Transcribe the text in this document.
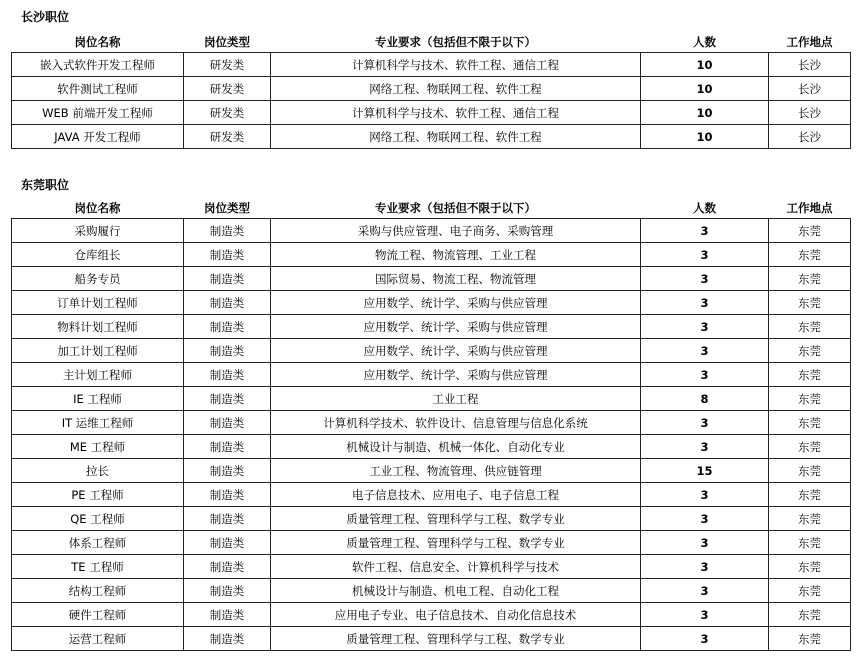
长沙职位
岗位名称	岗位类型	专业要求（包括但不限于以下）	人数	工作地点
嵌入式软件开发工程师	研发类	计算机科学与技术、软件工程、通信工程	10	长沙
软件测试工程师	研发类	网络工程、物联网工程、软件工程	10	长沙
WEB 前端开发工程师	研发类	计算机科学与技术、软件工程、通信工程	10	长沙
JAVA 开发工程师	研发类	网络工程、物联网工程、软件工程	10	长沙
东莞职位
岗位名称	岗位类型	专业要求（包括但不限于以下）	人数	工作地点
采购履行	制造类	采购与供应管理、电子商务、采购管理	3	东莞
仓库组长	制造类	物流工程、物流管理、工业工程	3	东莞
船务专员	制造类	国际贸易、物流工程、物流管理	3	东莞
订单计划工程师	制造类	应用数学、统计学、采购与供应管理	3	东莞
物料计划工程师	制造类	应用数学、统计学、采购与供应管理	3	东莞
加工计划工程师	制造类	应用数学、统计学、采购与供应管理	3	东莞
主计划工程师	制造类	应用数学、统计学、采购与供应管理	3	东莞
IE 工程师	制造类	工业工程	8	东莞
IT 运维工程师	制造类	计算机科学技术、软件设计、信息管理与信息化系统	3	东莞
ME 工程师	制造类	机械设计与制造、机械一体化、自动化专业	3	东莞
拉长	制造类	工业工程、物流管理、供应链管理	15	东莞
PE 工程师	制造类	电子信息技术、应用电子、电子信息工程	3	东莞
QE 工程师	制造类	质量管理工程、管理科学与工程、数学专业	3	东莞
体系工程师	制造类	质量管理工程、管理科学与工程、数学专业	3	东莞
TE 工程师	制造类	软件工程、信息安全、计算机科学与技术	3	东莞
结构工程师	制造类	机械设计与制造、机电工程、自动化工程	3	东莞
硬件工程师	制造类	应用电子专业、电子信息技术、自动化信息技术	3	东莞
运营工程师	制造类	质量管理工程、管理科学与工程、数学专业	3	东莞
